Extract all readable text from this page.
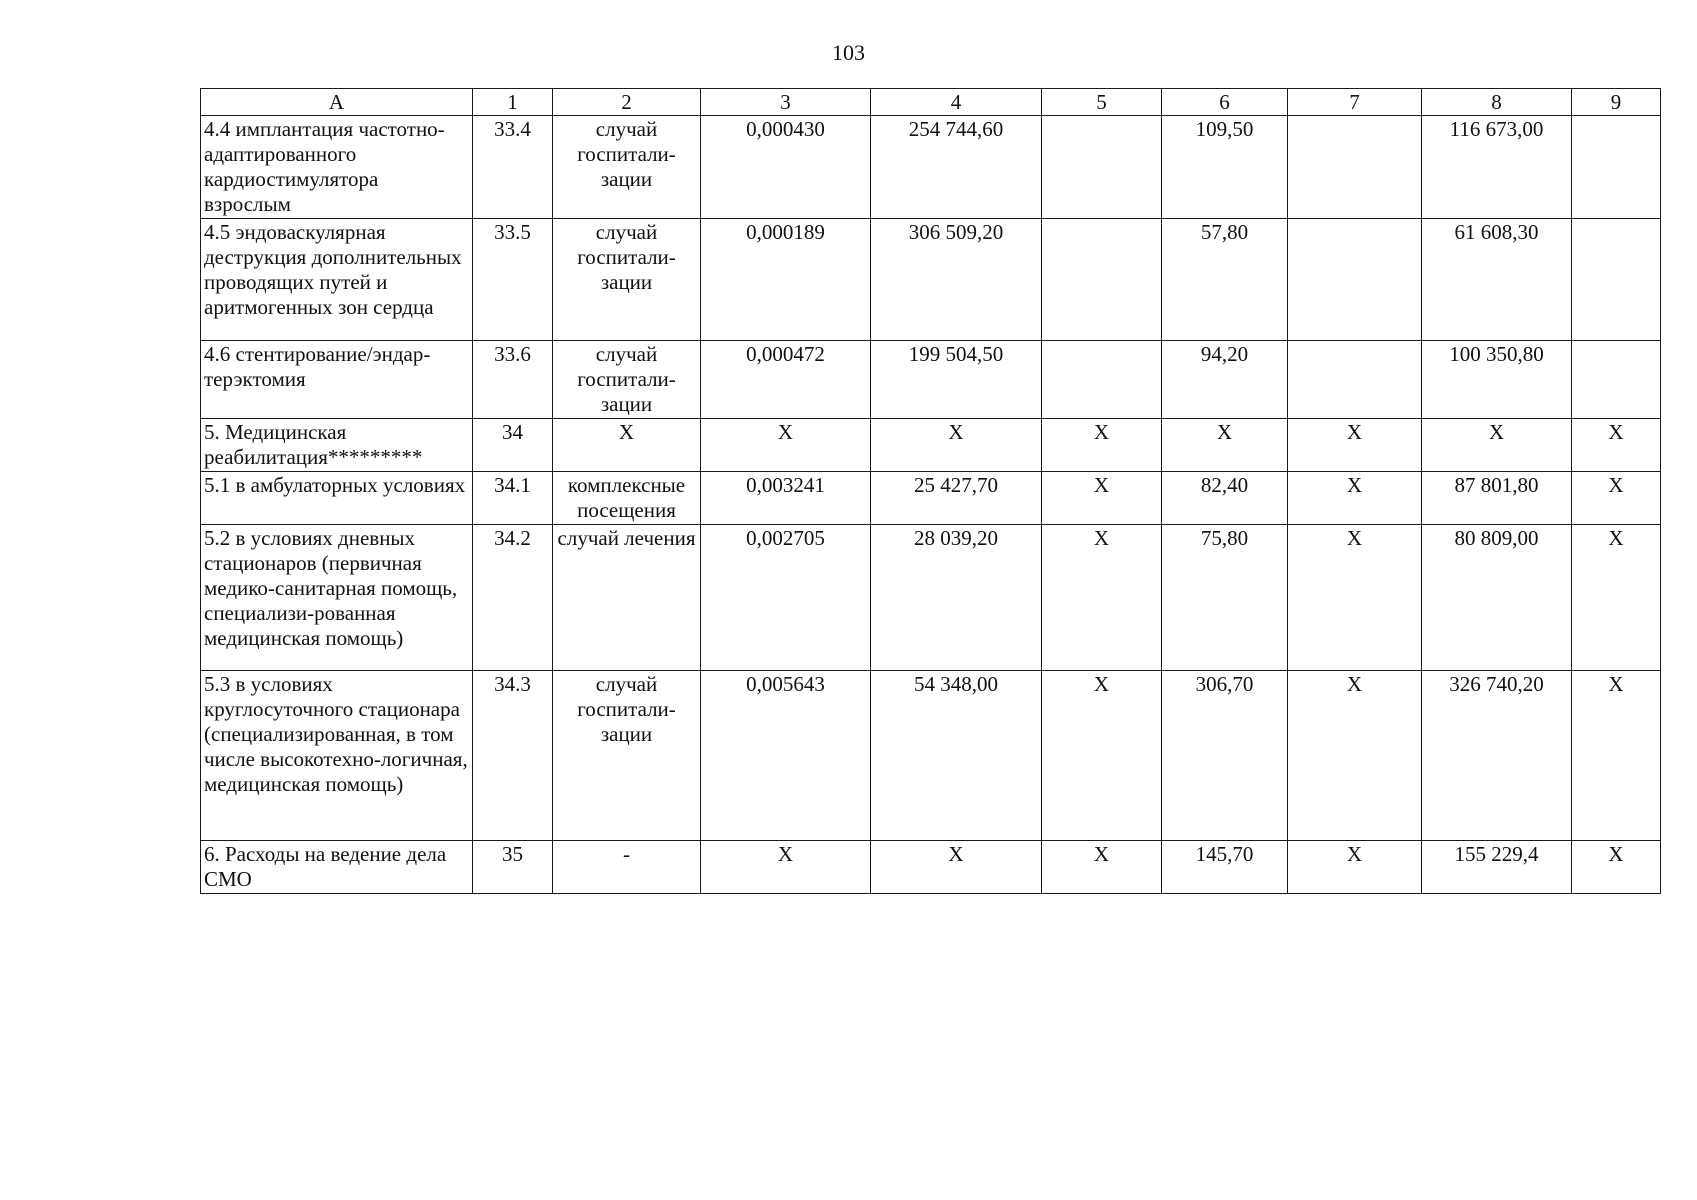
103
А	1	2	3	4	5	6	7	8	9
4.4 имплантация частотно-адаптированного кардиостимулятора взрослым	33.4	случай госпитали-зации	0,000430	254 744,60		109,50		116 673,00	
4.5 эндоваскулярная деструкция дополнительных проводящих путей и аритмогенных зон сердца	33.5	случай госпитали-зации	0,000189	306 509,20		57,80		61 608,30	
4.6 стентирование/эндар-терэктомия	33.6	случай госпитали-зации	0,000472	199 504,50		94,20		100 350,80	
5. Медицинская реабилитация*********	34	Х	Х	Х	Х	Х	Х	Х	Х
5.1 в амбулаторных условиях	34.1	комплексные посещения	0,003241	25 427,70	Х	82,40	Х	87 801,80	Х
5.2 в условиях дневных стационаров (первичная медико-санитарная помощь, специализи-рованная медицинская помощь)	34.2	случай лечения	0,002705	28 039,20	Х	75,80	Х	80 809,00	Х
5.3 в условиях круглосуточного стационара (специализированная, в том числе высокотехно-логичная, медицинская помощь)	34.3	случай госпитали-зации	0,005643	54 348,00	Х	306,70	Х	326 740,20	Х
6. Расходы на ведение дела СМО	35	-	Х	Х	Х	145,70	Х	155 229,4	Х
